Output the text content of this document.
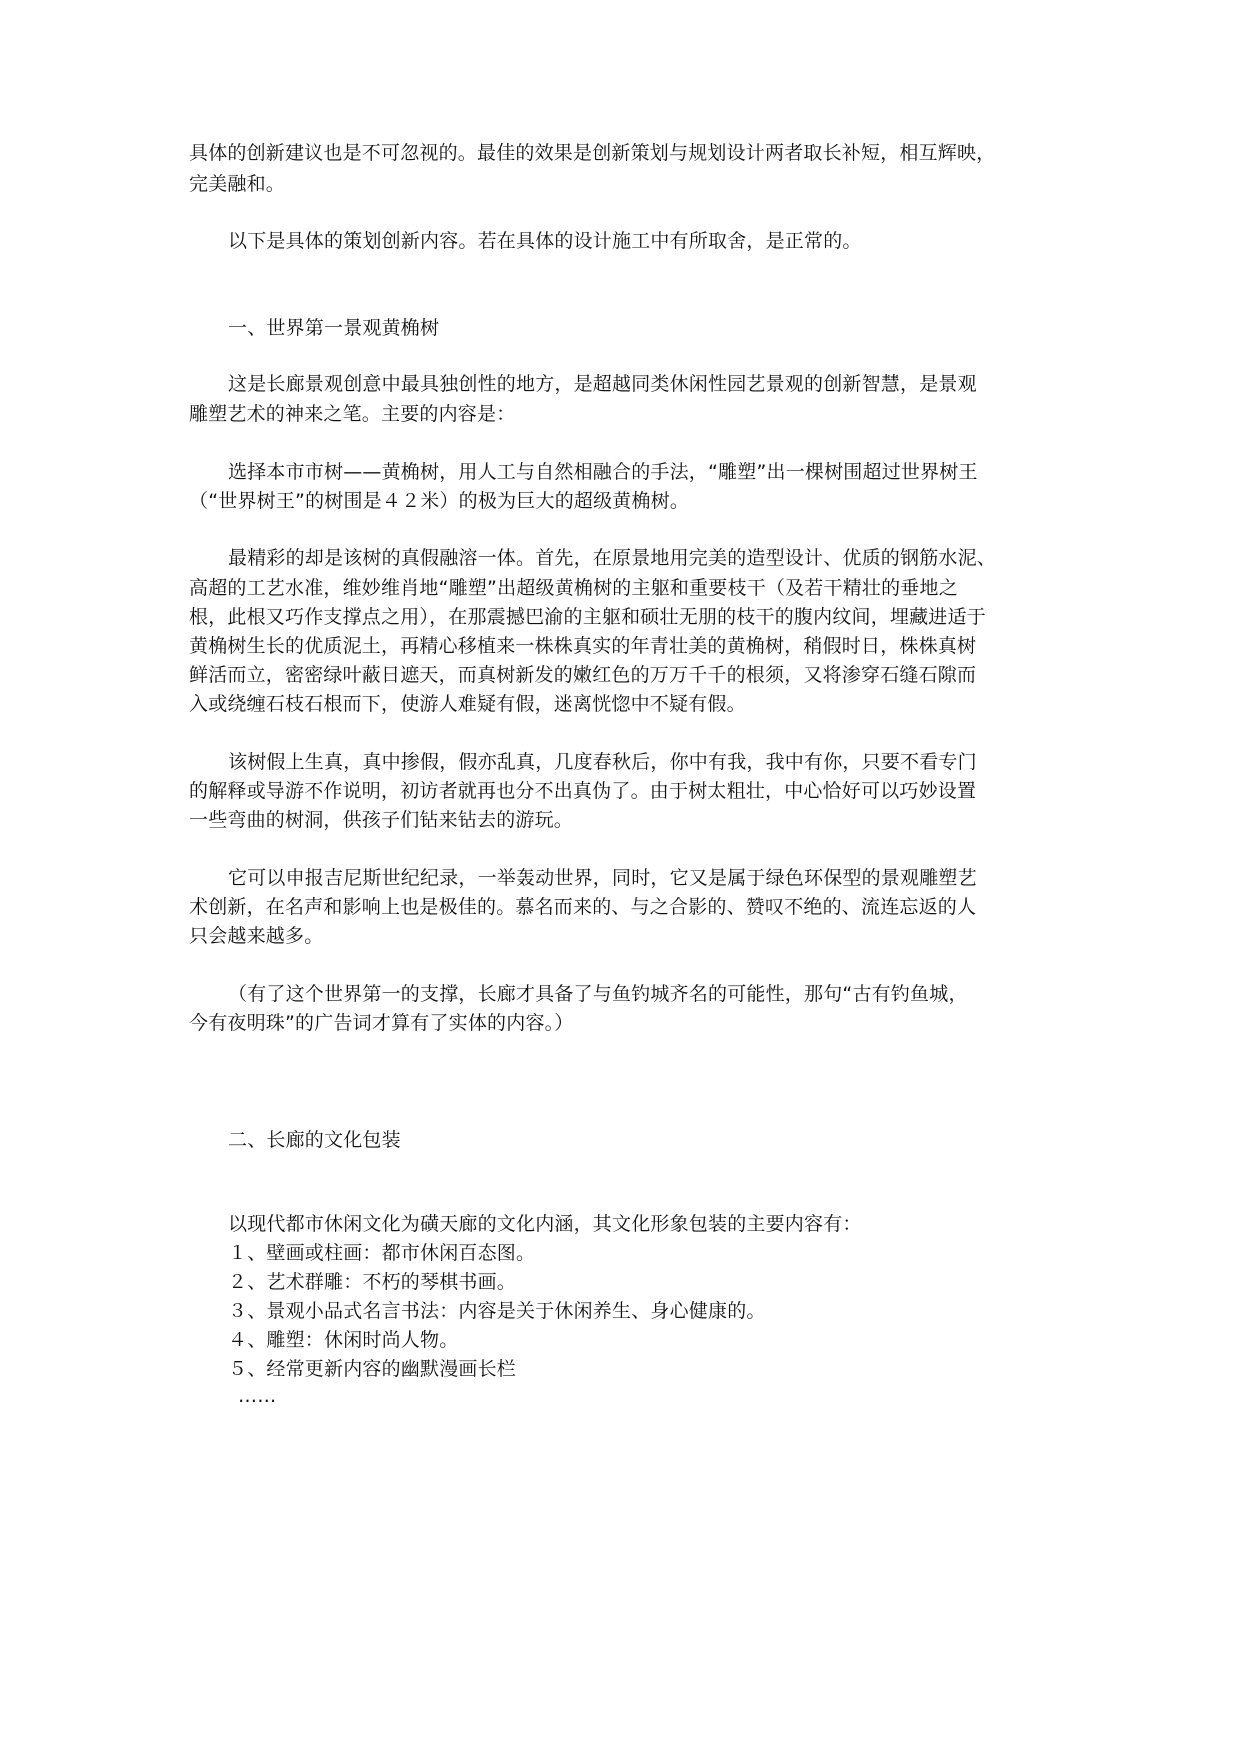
具体的创新建议也是不可忽视的。最佳的效果是创新策划与规划设计两者取长补短，相互辉映，
完美融和。
以下是具体的策划创新内容。若在具体的设计施工中有所取舍，是正常的。
一、世界第一景观黄桷树
这是长廊景观创意中最具独创性的地方，是超越同类休闲性园艺景观的创新智慧，是景观
雕塑艺术的神来之笔。主要的内容是：
选择本市市树——黄桷树，用人工与自然相融合的手法，“雕塑”出一棵树围超过世界树王
（“世界树王”的树围是４２米）的极为巨大的超级黄桷树。
最精彩的却是该树的真假融溶一体。首先，在原景地用完美的造型设计、优质的钢筋水泥、
高超的工艺水准，维妙维肖地“雕塑”出超级黄桷树的主躯和重要枝干（及若干精壮的垂地之
根，此根又巧作支撑点之用），在那震撼巴渝的主躯和硕壮无朋的枝干的腹内纹间，埋藏进适于
黄桷树生长的优质泥土，再精心移植来一株株真实的年青壮美的黄桷树，稍假时日，株株真树
鲜活而立，密密绿叶蔽日遮天，而真树新发的嫩红色的万万千千的根须，又将渗穿石缝石隙而
入或绕缠石枝石根而下，使游人难疑有假，迷离恍惚中不疑有假。
该树假上生真，真中掺假，假亦乱真，几度春秋后，你中有我，我中有你，只要不看专门
的解释或导游不作说明，初访者就再也分不出真伪了。由于树太粗壮，中心恰好可以巧妙设置
一些弯曲的树洞，供孩子们钻来钻去的游玩。
它可以申报吉尼斯世纪纪录，一举轰动世界，同时，它又是属于绿色环保型的景观雕塑艺
术创新，在名声和影响上也是极佳的。慕名而来的、与之合影的、赞叹不绝的、流连忘返的人
只会越来越多。
（有了这个世界第一的支撑，长廊才具备了与鱼钓城齐名的可能性，那句“古有钓鱼城，
今有夜明珠”的广告词才算有了实体的内容。）
二、长廊的文化包装
以现代都市休闲文化为磺天廊的文化内涵，其文化形象包装的主要内容有：
１、壁画或柱画：都市休闲百态图。
２、艺术群雕：不朽的琴棋书画。
３、景观小品式名言书法：内容是关于休闲养生、身心健康的。
４、雕塑：休闲时尚人物。
５、经常更新内容的幽默漫画长栏
……
